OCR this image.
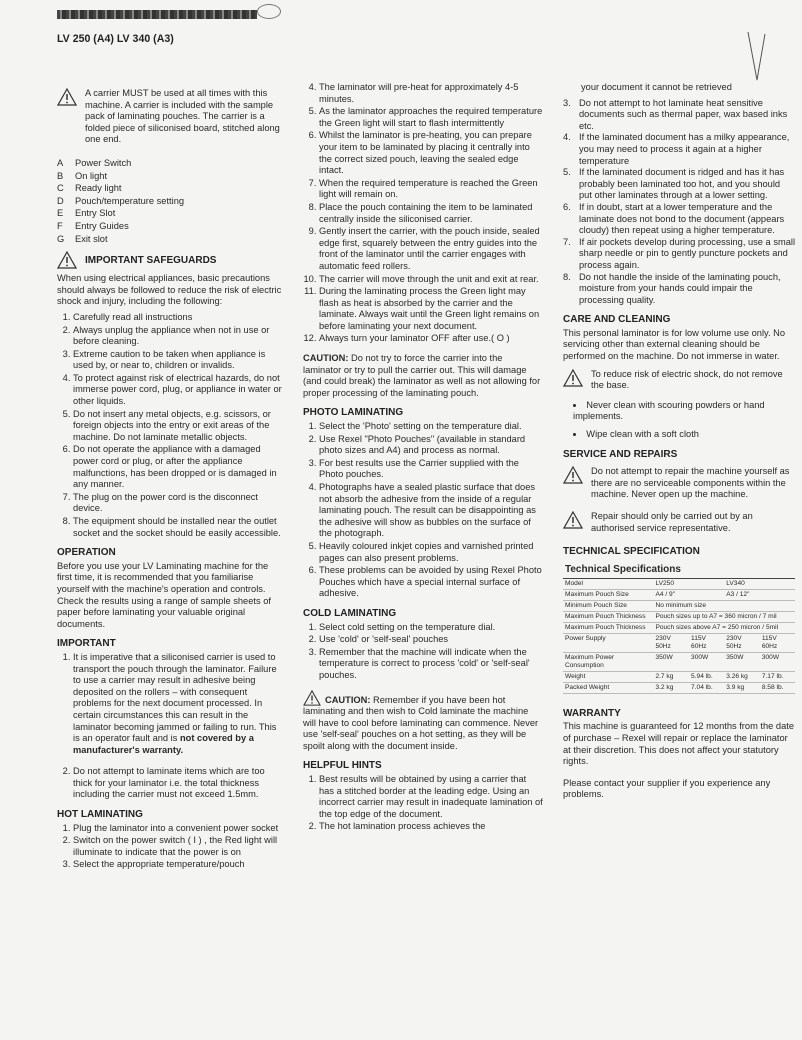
LV 250 (A4) LV 340 (A3)

A carrier MUST be used at all times with this machine. A carrier is included with the sample pack of laminating pouches. The carrier is a folded piece of siliconised board, stitched along one end.

A	Power Switch
B	On light
C	Ready light
D	Pouch/temperature setting
E	Entry Slot
F	Entry Guides
G	Exit slot
IMPORTANT SAFEGUARDS

When using electrical appliances, basic precautions should always be followed to reduce the risk of electric shock and injury, including the following:

1. Carefully read all instructions
2. Always unplug the appliance when not in use or before cleaning.
3. Extreme caution to be taken when appliance is used by, or near to, children or invalids.
4. To protect against risk of electrical hazards, do not immerse power cord, plug, or appliance in water or other liquids.
5. Do not insert any metal objects, e.g. scissors, or foreign objects into the entry or exit areas of the machine. Do not laminate metallic objects.
6. Do not operate the appliance with a damaged power cord or plug, or after the appliance malfunctions, has been dropped or is damaged in any manner.
7. The plug on the power cord is the disconnect device.
8. The equipment should be installed near the outlet socket and the socket should be easily accessible.
OPERATION

Before you use your LV Laminating machine for the first time, it is recommended that you familiarise yourself with the machine's operation and controls. Check the results using a range of sample sheets of paper before laminating your valuable original documents.

IMPORTANT
1. It is imperative that a siliconised carrier is used to transport the pouch through the laminator. Failure to use a carrier may result in adhesive being deposited on the rollers – with consequent problems for the next document processed. In certain circumstances this can result in the laminator becoming jammed or failing to run. This is an operator fault and is not covered by a manufacturer's warranty.
2. Do not attempt to laminate items which are too thick for your laminator i.e. the total thickness including the carrier must not exceed 1.5mm.
HOT LAMINATING
1. Plug the laminator into a convenient power socket
2. Switch on the power switch ( I ) , the Red light will illuminate to indicate that the power is on
3. Select the appropriate temperature/pouch
4. The laminator will pre-heat for approximately 4-5 minutes.
5. As the laminator approaches the required temperature the Green light will start to flash intermittently
6. Whilst the laminator is pre-heating, you can prepare your item to be laminated by placing it centrally into the correct sized pouch, leaving the sealed edge intact.
7. When the required temperature is reached the Green light will remain on.
8. Place the pouch containing the item to be laminated centrally inside the siliconised carrier.
9. Gently insert the carrier, with the pouch inside, sealed edge first, squarely between the entry guides into the front of the laminator until the carrier engages with automatic feed rollers.
10. The carrier will move through the unit and exit at rear.
11. During the laminating process the Green light may flash as heat is absorbed by the carrier and the laminate. Always wait until the Green light remains on before laminating your next document.
12. Always turn your laminator OFF after use.( O )

CAUTION: Do not try to force the carrier into the laminator or try to pull the carrier out. This will damage (and could break) the laminator as well as not allowing for proper processing of the laminating pouch.

PHOTO LAMINATING
1. Select the 'Photo' setting on the temperature dial.
2. Use Rexel "Photo Pouches" (available in standard photo sizes and A4) and process as normal.
3. For best results use the Carrier supplied with the Photo pouches.
4. Photographs have a sealed plastic surface that does not absorb the adhesive from the inside of a regular laminating pouch. The result can be disappointing as the adhesive will show as bubbles on the surface of the photograph.
5. Heavily coloured inkjet copies and varnished printed pages can also present problems.
6. These problems can be avoided by using Rexel Photo Pouches which have a special internal surface of adhesive.
COLD LAMINATING
1. Select cold setting on the temperature dial.
2. Use 'cold' or 'self-seal' pouches
3. Remember that the machine will indicate when the temperature is correct to process 'cold' or 'self-seal' pouches.

CAUTION: Remember if you have been hot laminating and then wish to Cold laminate the machine will have to cool before laminating can commence. Never use 'self-seal' pouches on a hot setting, as they will be spoilt along with the document inside.

HELPFUL HINTS
1. Best results will be obtained by using a carrier that has a stitched border at the leading edge. Using an incorrect carrier may result in inadequate lamination of the top edge of the document.
2. The hot lamination process achieves the

your document it cannot be retrieved

3. Do not attempt to hot laminate heat sensitive documents such as thermal paper, wax based inks etc.
4. If the laminated document has a milky appearance, you may need to process it again at a higher temperature
5. If the laminated document is ridged and has it has probably been laminated too hot, and you should put other laminates through at a lower setting.
6. If in doubt, start at a lower temperature and the laminate does not bond to the document (appears cloudy) then repeat using a higher temperature.
7. If air pockets develop during processing, use a small sharp needle or pin to gently puncture pockets and process again.
8. Do not handle the inside of the laminating pouch, moisture from your hands could impair the processing quality.
CARE AND CLEANING

This personal laminator is for low volume use only. No servicing other than external cleaning should be performed on the machine. Do not immerse in water.

To reduce risk of electric shock, do not remove the base.

• Never clean with scouring powders or hand implements.
• Wipe clean with a soft cloth
SERVICE AND REPAIRS

Do not attempt to repair the machine yourself as there are no serviceable components within the machine. Never open up the machine.

Repair should only be carried out by an authorised service representative.

TECHNICAL SPECIFICATION
Technical Specifications				
Model	LV250		LV340	
Maximum Pouch Size	A4 / 9"		A3 / 12"	
Minimum Pouch Size	No minimum size			
Maximum Pouch Thickness	Pouch sizes up to A7 = 360 micron / 7 mil			
Maximum Pouch Thickness	Pouch sizes above A7 = 250 micron / 5mil			
Power Supply	230V 50Hz	115V 60Hz	230V 50Hz	115V 60Hz
Maximum Power Consumption	350W	300W	350W	300W
Weight	2.7 kg	5.94 lb.	3.26 kg	7.17 lb.
Packed Weight	3.2 kg	7.04 lb.	3.9 kg	8.58 lb.
WARRANTY

This machine is guaranteed for 12 months from the date of purchase – Rexel will repair or replace the laminator at their discretion. This does not affect your statutory rights.

Please contact your supplier if you experience any problems.
